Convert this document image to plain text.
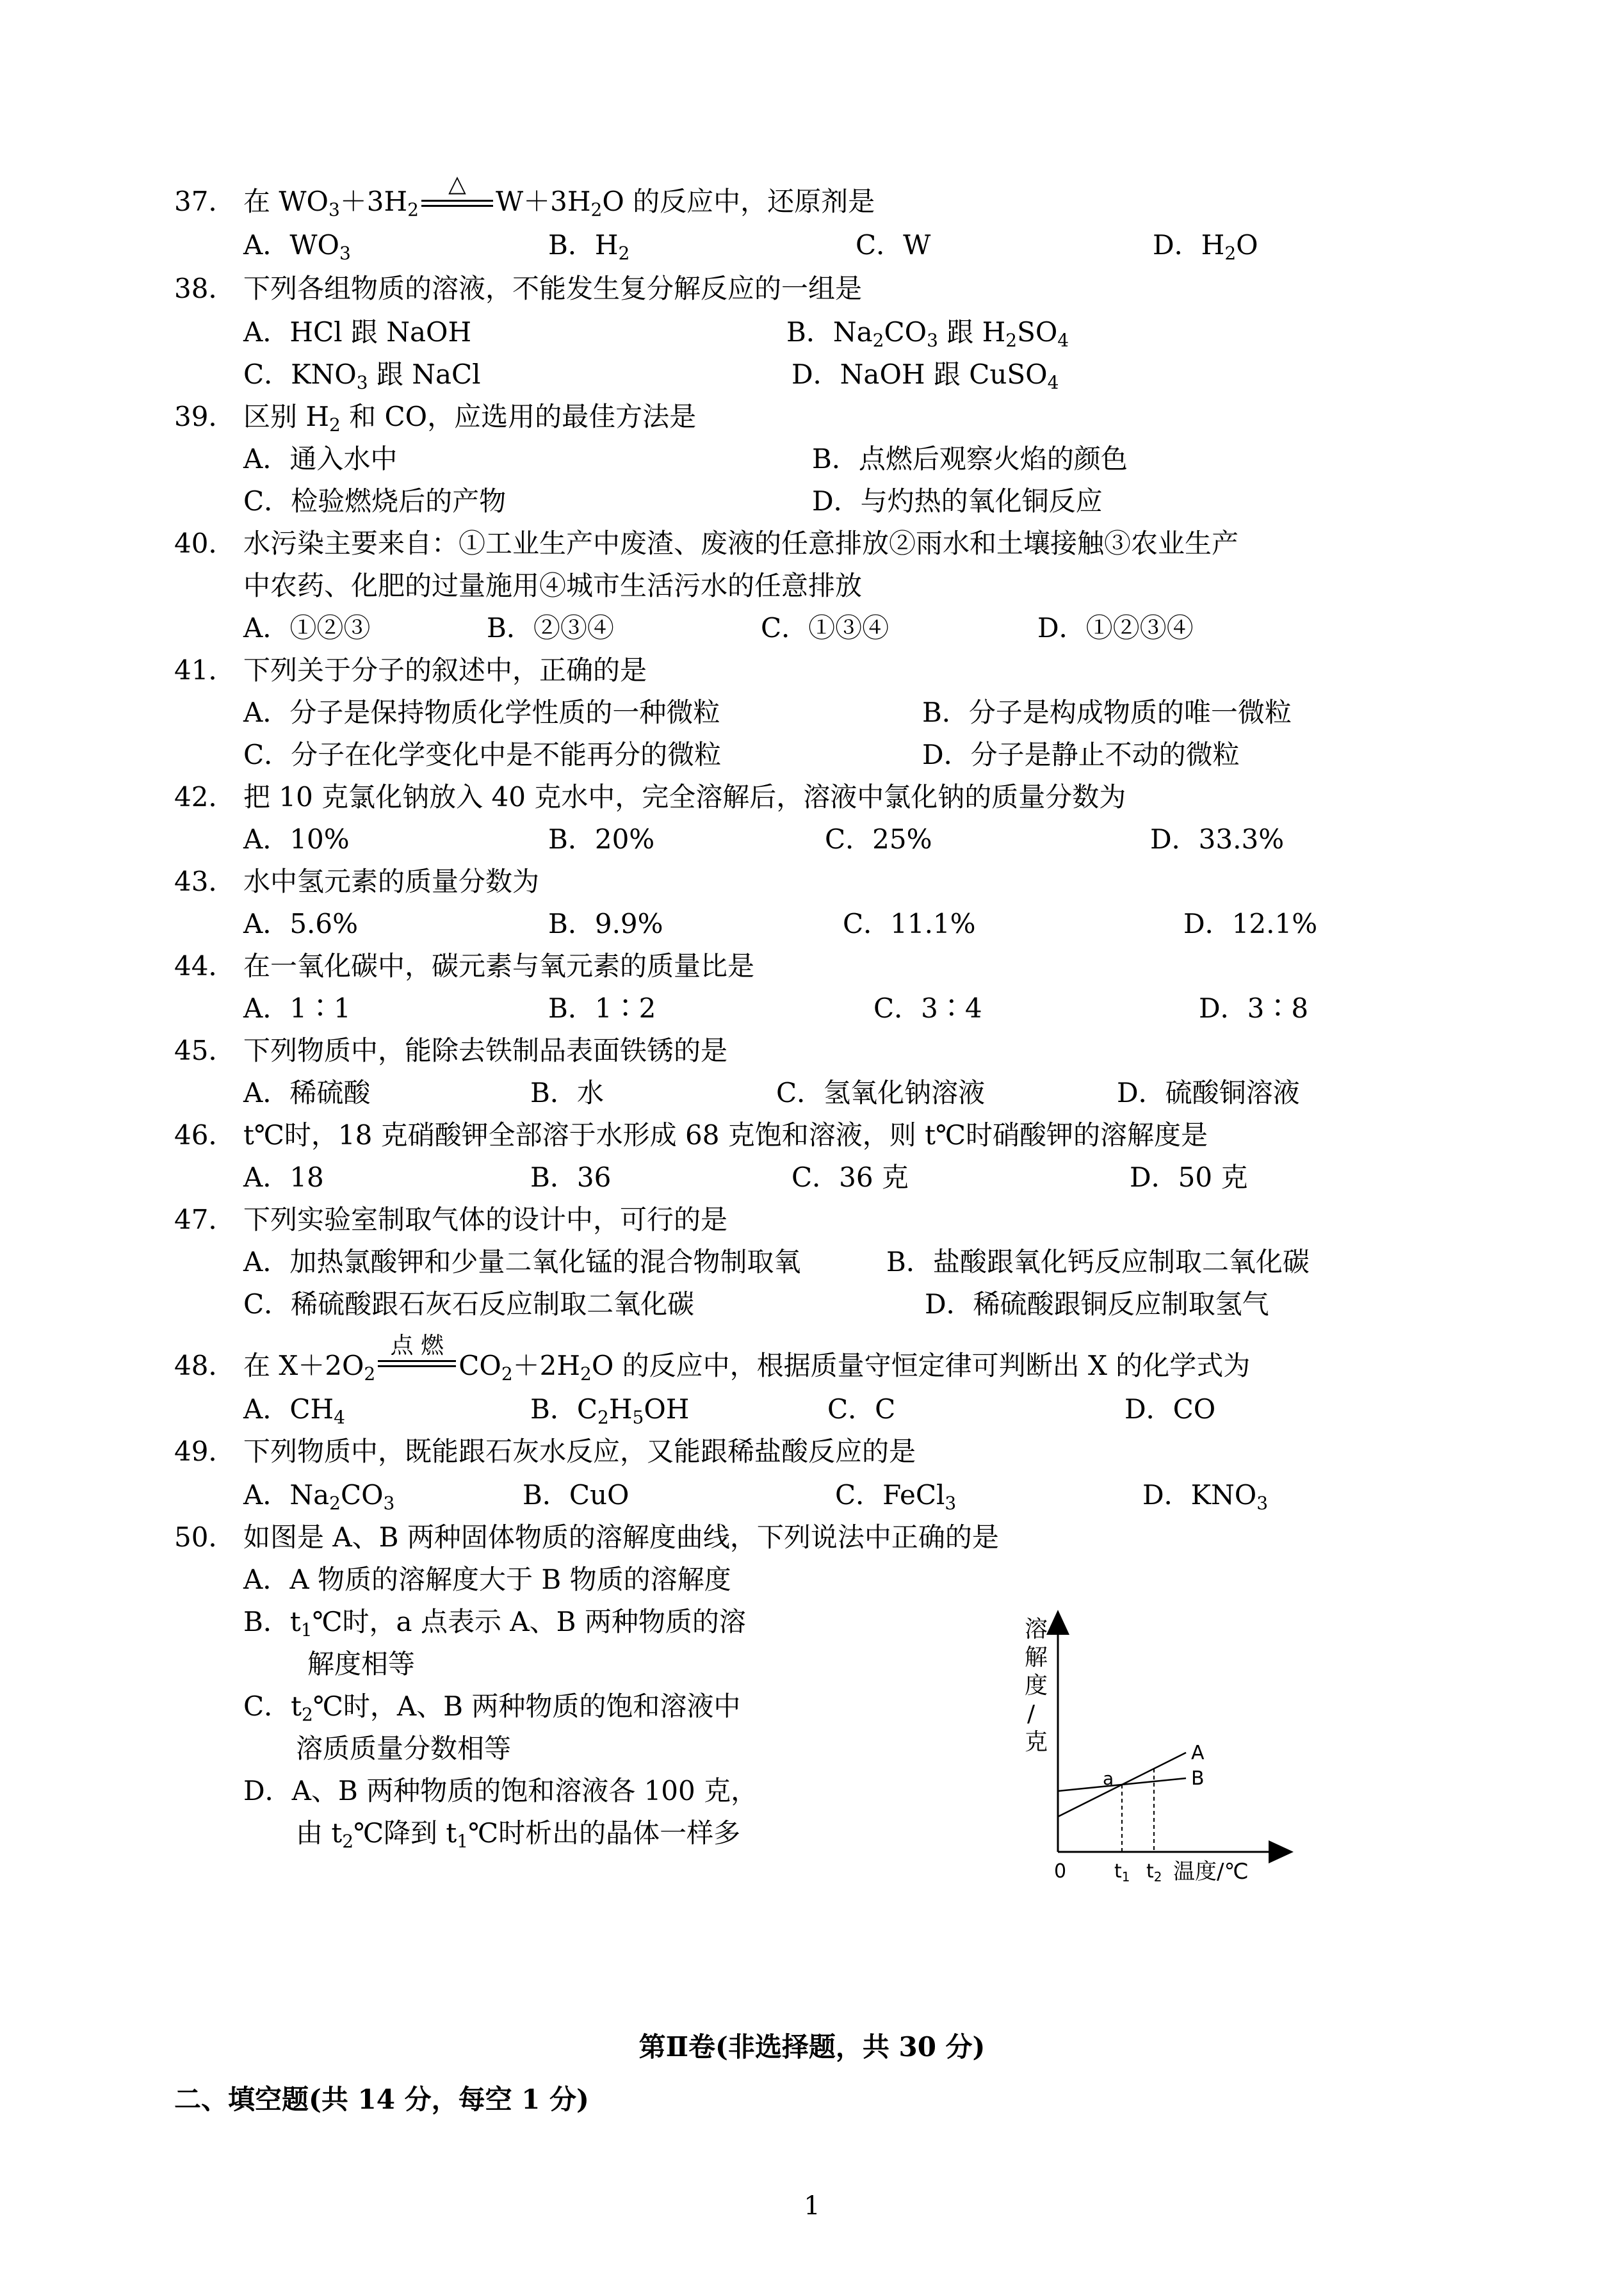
37． 在 $WO_3+3H_2$
△
$W+3H_2O$ 的反应中，还原剂是
A．$WO_3$	B．$H_2$	C．W	D．$H_2O$
38． 下列各组物质的溶液，不能发生复分解反应的一组是
A．HCl 跟 NaOH	B．$Na_2CO_3$ 跟 $H_2SO_4$
C．$KNO_3$ 跟 NaCl	D．NaOH 跟 CuSO$_4$
39． 区别 $H_2$ 和 CO，应选用的最佳方法是
A．通入水中	B．点燃后观察火焰的颜色
C．检验燃烧后的产物	D．与灼热的氧化铜反应
40． 水污染主要来自：①工业生产中废渣、废液的任意排放②雨水和土壤接触③农业生产
中农药、化肥的过量施用④城市生活污水的任意排放
A．①②③	B．②③④	C．①③④	D．①②③④
41． 下列关于分子的叙述中，正确的是
A．分子是保持物质化学性质的一种微粒	B．分子是构成物质的唯一微粒
C．分子在化学变化中是不能再分的微粒	D．分子是静止不动的微粒
42． 把 10 克氯化钠放入 40 克水中，完全溶解后，溶液中氯化钠的质量分数为
A．10%	B．20%	C．25%	D．33.3%
43． 水中氢元素的质量分数为
A．5.6%	B．9.9%	C．11.1%	D．12.1%
44． 在一氧化碳中，碳元素与氧元素的质量比是
A．1∶1	B．1∶2	C．3∶4	D．3∶8
45． 下列物质中，能除去铁制品表面铁锈的是
A．稀硫酸	B．水	C．氢氧化钠溶液	D．硫酸铜溶液
46． t℃时，18 克硝酸钾全部溶于水形成 68 克饱和溶液，则 t℃时硝酸钾的溶解度是
A．18	B．36	C．36 克	D．50 克
47． 下列实验室制取气体的设计中，可行的是
A．加热氯酸钾和少量二氧化锰的混合物制取氧	B．盐酸跟氧化钙反应制取二氧化碳
C．稀硫酸跟石灰石反应制取二氧化碳	D．稀硫酸跟铜反应制取氢气
48． 在 $X+2O_2$
点 燃
$CO_2+2H_2O$ 的反应中，根据质量守恒定律可判断出 X 的化学式为
A．$CH_4$	B．$C_2H_5OH$	C．C	D．CO
49． 下列物质中，既能跟石灰水反应，又能跟稀盐酸反应的是
A．$Na_2CO_3$	B．CuO	C．FeCl$_3$	D．$KNO_3$
50． 如图是 A、B 两种固体物质的溶解度曲线，下列说法中正确的是
A．A 物质的溶解度大于 B 物质的溶解度
B．$t_1℃$时，a 点表示 A、B 两种物质的溶
解度相等
C．$t_2℃$时，A、B 两种物质的饱和溶液中
溶质质量分数相等
D．A、B 两种物质的饱和溶液各 100 克，
由 $t_2℃$降到 $t_1℃$时析出的晶体一样多
溶
解
度
/
克	A
B
$t_1$ $t_2$
a
0	温度/℃
第Ⅱ卷(非选择题，共 30 分)
二、填空题(共 14 分，每空 1 分)
1
